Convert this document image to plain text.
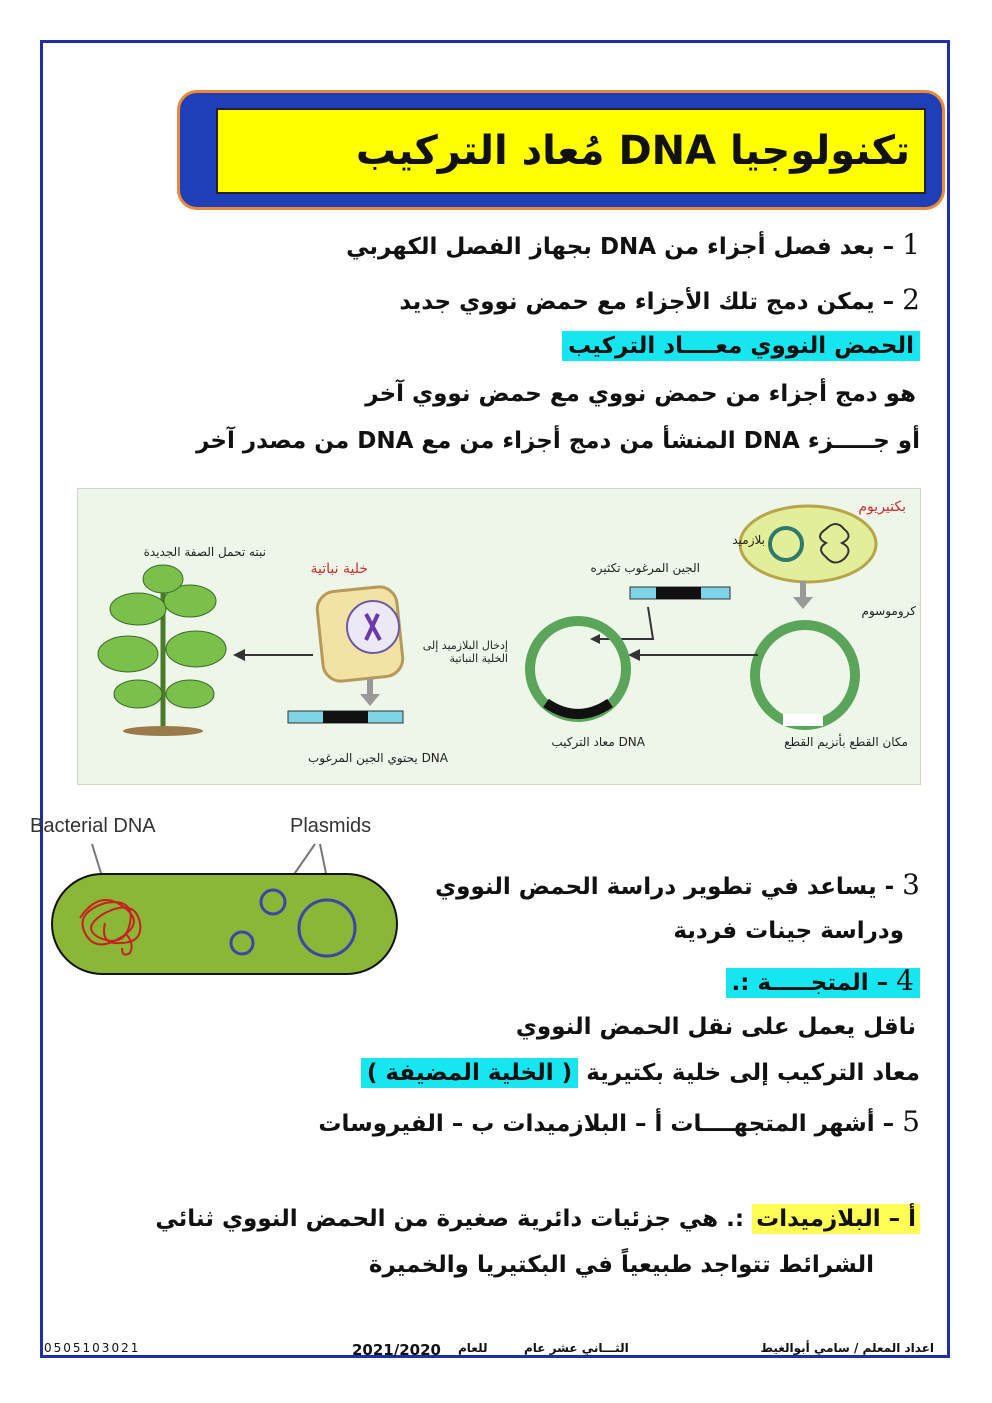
تكنولوجيا DNA مُعاد التركيب
1 – بعد فصل أجزاء من DNA بجهاز الفصل الكهربي
2 – يمكن دمج تلك الأجزاء مع حمض نووي جديد
الحمض النووي معــــاد التركيب
هو دمج أجزاء من حمض نووي مع حمض نووي آخر
أو جـــــزء DNA المنشأ من دمج أجزاء من مع DNA من مصدر آخر
بكتيريوم
بلازميد
كروموسوم
الجين المرغوب تكثيره
مكان القطع بأنزيم القطع
DNA معاد التركيب
خلية نباتية
إدخال البلازميد إلى الخلية النباتية
DNA يحتوي الجين المرغوب
نبته تحمل الصفة الجديدة
Bacterial DNA	Plasmids
3 - يساعد في تطوير دراسة الحمض النووي
ودراسة جينات فردية
4 – المتجـــــة :.
ناقل يعمل على نقل الحمض النووي
معاد التركيب إلى خلية بكتيرية ( الخلية المضيفة )
5 – أشهر المتجهــــات أ – البلازميدات ب – الفيروسات
أ – البلازميدات :. هي جزئيات دائرية صغيرة من الحمض النووي ثنائي
الشرائط تتواجد طبيعياً في البكتيريا والخميرة
اعداد المعلم / سامي أبوالغيط
الثـــاني عشر عام
للعام
2021/2020
0505103021
